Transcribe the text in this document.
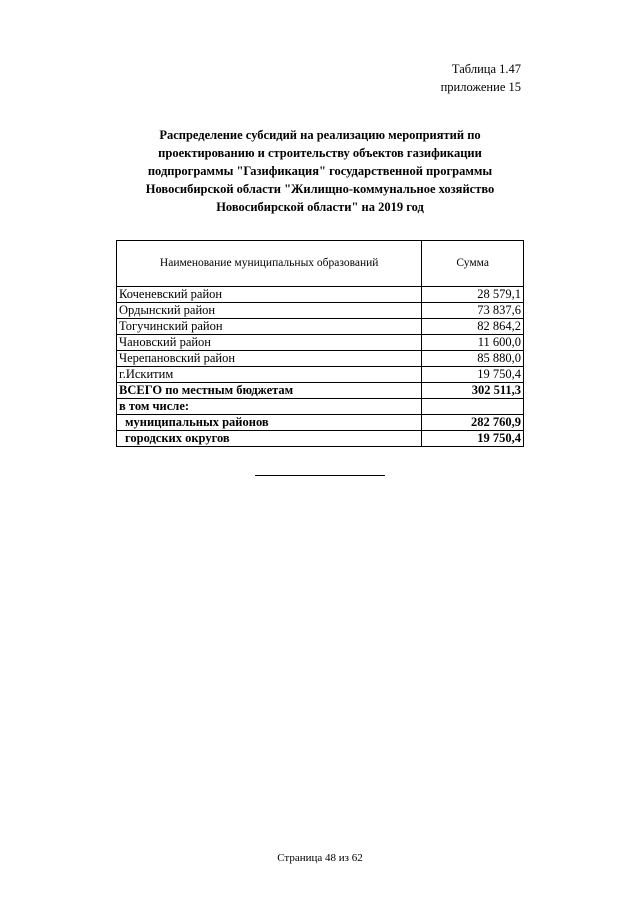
Таблица 1.47
приложение 15
Распределение субсидий на реализацию мероприятий по
проектированию и строительству объектов газификации
подпрограммы "Газификация" государственной программы
Новосибирской области "Жилищно-коммунальное хозяйство
Новосибирской области" на 2019 год
Наименование муниципальных образований	Сумма
Коченевский район	28 579,1
Ордынский район	73 837,6
Тогучинский район	82 864,2
Чановский район	11 600,0
Черепановский район	85 880,0
г.Искитим	19 750,4
ВСЕГО по местным бюджетам	302 511,3
в том числе:	
муниципальных районов	282 760,9
городских округов	19 750,4
Страница 48 из 62
